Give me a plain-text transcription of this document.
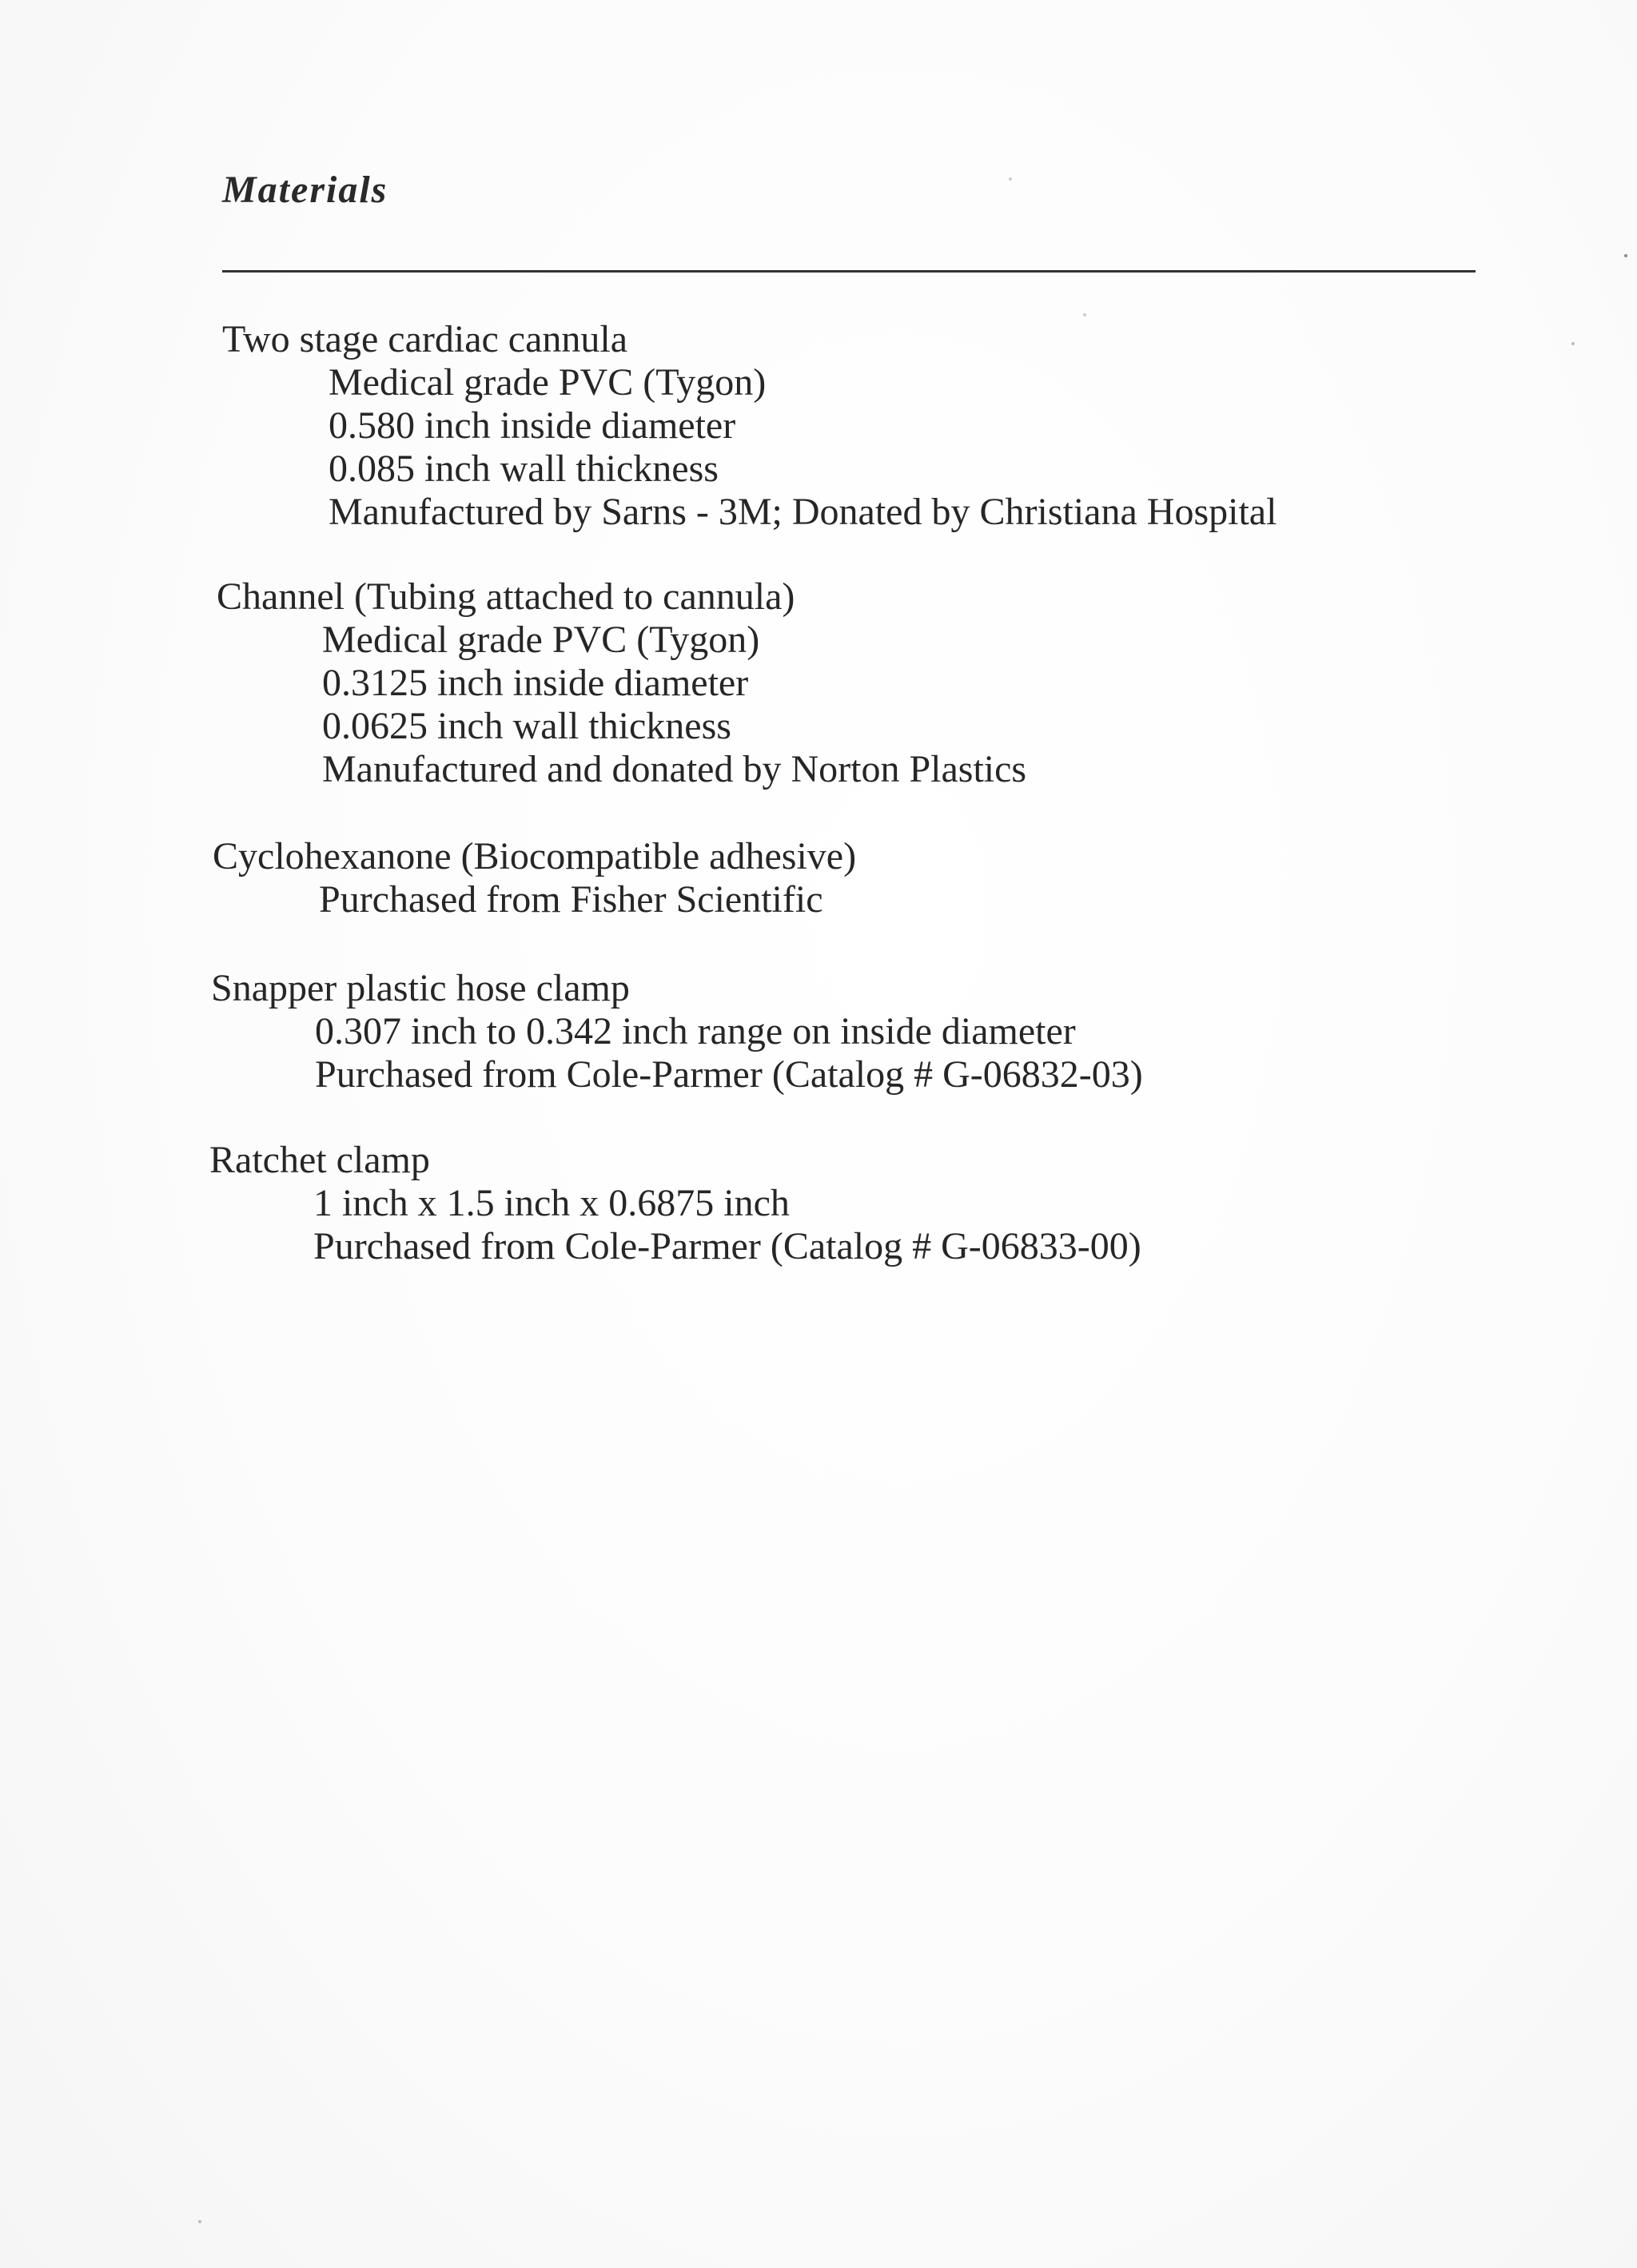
Materials
Two stage cardiac cannula
Medical grade PVC (Tygon)
0.580 inch inside diameter
0.085 inch wall thickness
Manufactured by Sarns - 3M; Donated by Christiana Hospital
Channel (Tubing attached to cannula)
Medical grade PVC (Tygon)
0.3125 inch inside diameter
0.0625 inch wall thickness
Manufactured and donated by Norton Plastics
Cyclohexanone (Biocompatible adhesive)
Purchased from Fisher Scientific
Snapper plastic hose clamp
0.307 inch to 0.342 inch range on inside diameter
Purchased from Cole-Parmer (Catalog # G-06832-03)
Ratchet clamp
1 inch x 1.5 inch x 0.6875 inch
Purchased from Cole-Parmer (Catalog # G-06833-00)
